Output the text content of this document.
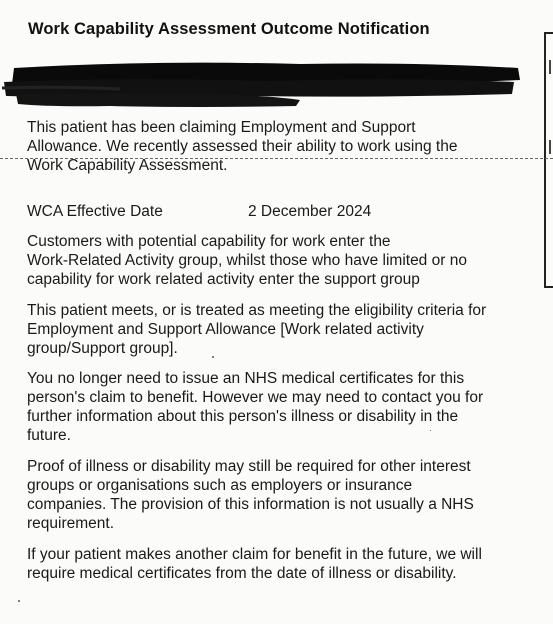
Work Capability Assessment Outcome Notification
This patient has been claiming Employment and Support
Allowance. We recently assessed their ability to work using the
Work Capability Assessment.
WCA Effective Date	2 December 2024
Customers with potential capability for work enter the
Work-Related Activity group, whilst those who have limited or no
capability for work related activity enter the support group
This patient meets, or is treated as meeting the eligibility criteria for
Employment and Support Allowance [Work related activity
group/Support group].
You no longer need to issue an NHS medical certificates for this
person's claim to benefit. However we may need to contact you for
further information about this person's illness or disability in the
future.
Proof of illness or disability may still be required for other interest
groups or organisations such as employers or insurance
companies. The provision of this information is not usually a NHS
requirement.
If your patient makes another claim for benefit in the future, we will
require medical certificates from the date of illness or disability.
